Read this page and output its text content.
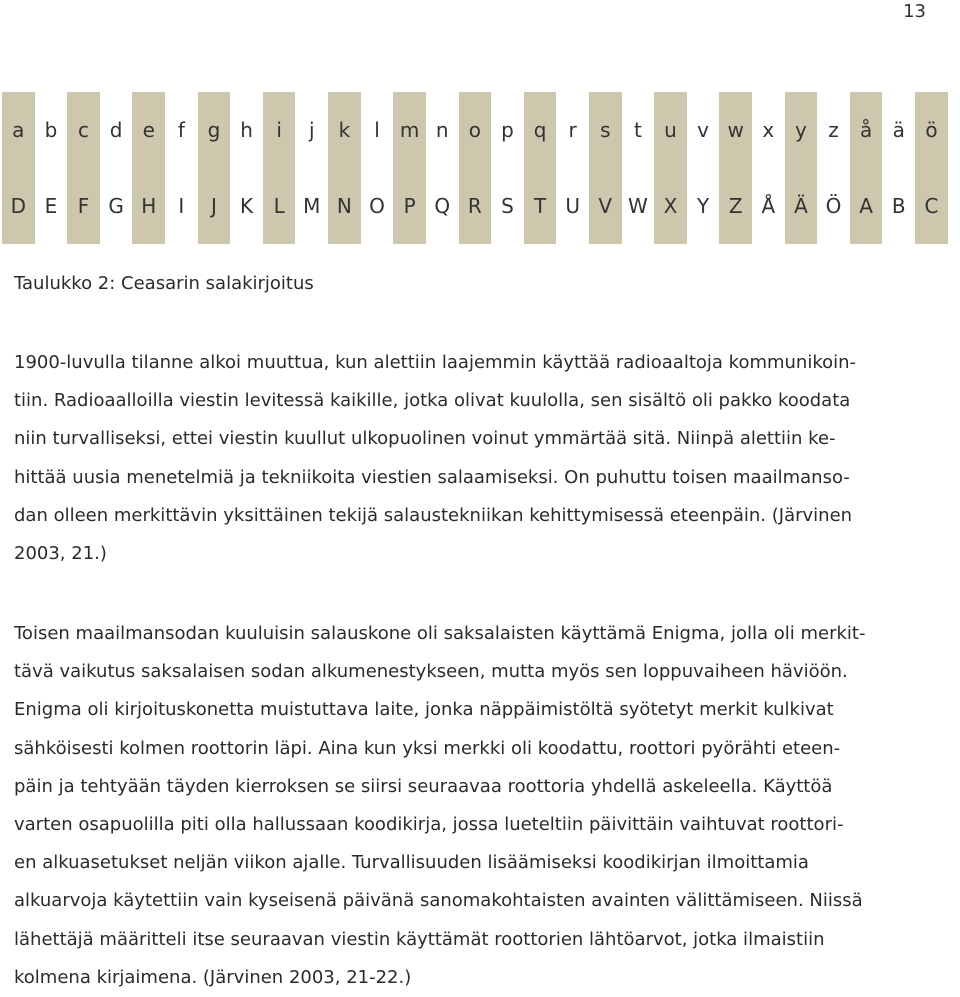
13
a	b	c	d	e	f	g	h	i	j	k	l	m	n	o	p	q	r	s	t	u	v	w	x	y	z	å	ä	ö
D	E	F	G	H	I	J	K	L	M	N	O	P	Q	R	S	T	U	V	W	X	Y	Z	Å	Ä	Ö	A	B	C
Taulukko 2: Ceasarin salakirjoitus
1900-luvulla tilanne alkoi muuttua, kun alettiin laajemmin käyttää radioaaltoja kommunikoin-
tiin. Radioaalloilla viestin levitessä kaikille, jotka olivat kuulolla, sen sisältö oli pakko koodata
niin turvalliseksi, ettei viestin kuullut ulkopuolinen voinut ymmärtää sitä. Niinpä alettiin ke-
hittää uusia menetelmiä ja tekniikoita viestien salaamiseksi. On puhuttu toisen maailmanso-
dan olleen merkittävin yksittäinen tekijä salaustekniikan kehittymisessä eteenpäin. (Järvinen
2003, 21.)
Toisen maailmansodan kuuluisin salauskone oli saksalaisten käyttämä Enigma, jolla oli merkit-
tävä vaikutus saksalaisen sodan alkumenestykseen, mutta myös sen loppuvaiheen häviöön.
Enigma oli kirjoituskonetta muistuttava laite, jonka näppäimistöltä syötetyt merkit kulkivat
sähköisesti kolmen roottorin läpi. Aina kun yksi merkki oli koodattu, roottori pyörähti eteen-
päin ja tehtyään täyden kierroksen se siirsi seuraavaa roottoria yhdellä askeleella. Käyttöä
varten osapuolilla piti olla hallussaan koodikirja, jossa lueteltiin päivittäin vaihtuvat roottori-
en alkuasetukset neljän viikon ajalle. Turvallisuuden lisäämiseksi koodikirjan ilmoittamia
alkuarvoja käytettiin vain kyseisenä päivänä sanomakohtaisten avainten välittämiseen. Niissä
lähettäjä määritteli itse seuraavan viestin käyttämät roottorien lähtöarvot, jotka ilmaistiin
kolmena kirjaimena. (Järvinen 2003, 21-22.)
